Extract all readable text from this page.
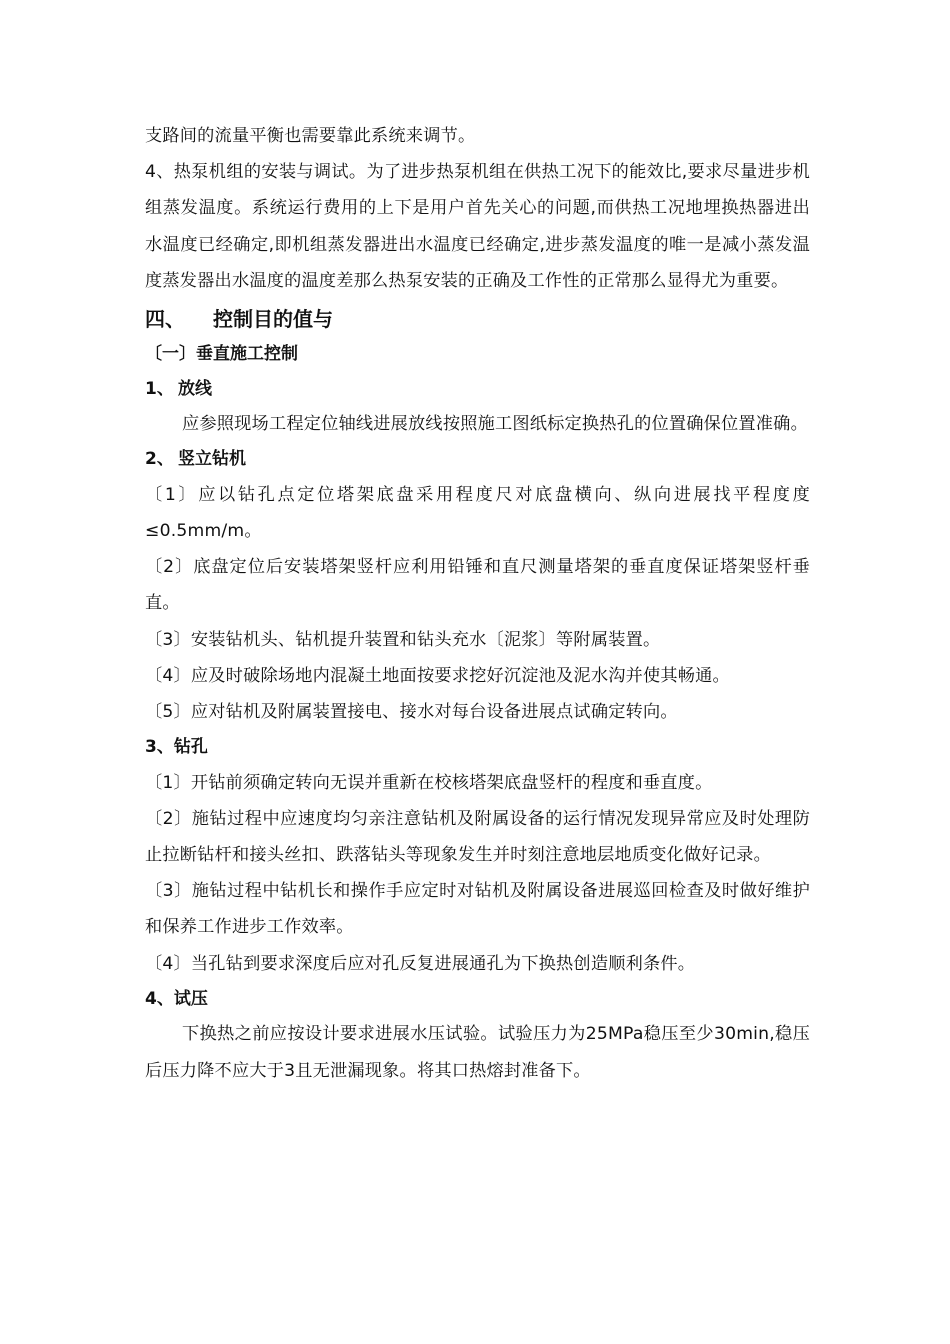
支路间的流量平衡也需要靠此系统来调节。

4、热泵机组的安装与调试。为了进步热泵机组在供热工况下的能效比,要求尽量进步机组蒸发温度。系统运行费用的上下是用户首先关心的问题,而供热工况地埋换热器进出水温度已经确定,即机组蒸发器进出水温度已经确定,进步蒸发温度的唯一是减小蒸发温度蒸发器出水温度的温度差那么热泵安装的正确及工作性的正常那么显得尤为重要。

四、 控制目的值与

〔一〕垂直施工控制

1、 放线

应参照现场工程定位轴线进展放线按照施工图纸标定换热孔的位置确保位置准确。

2、 竖立钻机

〔1〕应以钻孔点定位塔架底盘采用程度尺对底盘横向、纵向进展找平程度度≤0.5mm/m。

〔2〕底盘定位后安装塔架竖杆应利用铅锤和直尺测量塔架的垂直度保证塔架竖杆垂直。

〔3〕安装钻机头、钻机提升装置和钻头充水〔泥浆〕等附属装置。

〔4〕应及时破除场地内混凝土地面按要求挖好沉淀池及泥水沟并使其畅通。

〔5〕应对钻机及附属装置接电、接水对每台设备进展点试确定转向。

3、钻孔

〔1〕开钻前须确定转向无误并重新在校核塔架底盘竖杆的程度和垂直度。

〔2〕施钻过程中应速度均匀亲注意钻机及附属设备的运行情况发现异常应及时处理防止拉断钻杆和接头丝扣、跌落钻头等现象发生并时刻注意地层地质变化做好记录。

〔3〕施钻过程中钻机长和操作手应定时对钻机及附属设备进展巡回检查及时做好维护和保养工作进步工作效率。

〔4〕当孔钻到要求深度后应对孔反复进展通孔为下换热创造顺利条件。

4、试压

下换热之前应按设计要求进展水压试验。试验压力为25MPa稳压至少30min,稳压后压力降不应大于3且无泄漏现象。将其口热熔封准备下。
